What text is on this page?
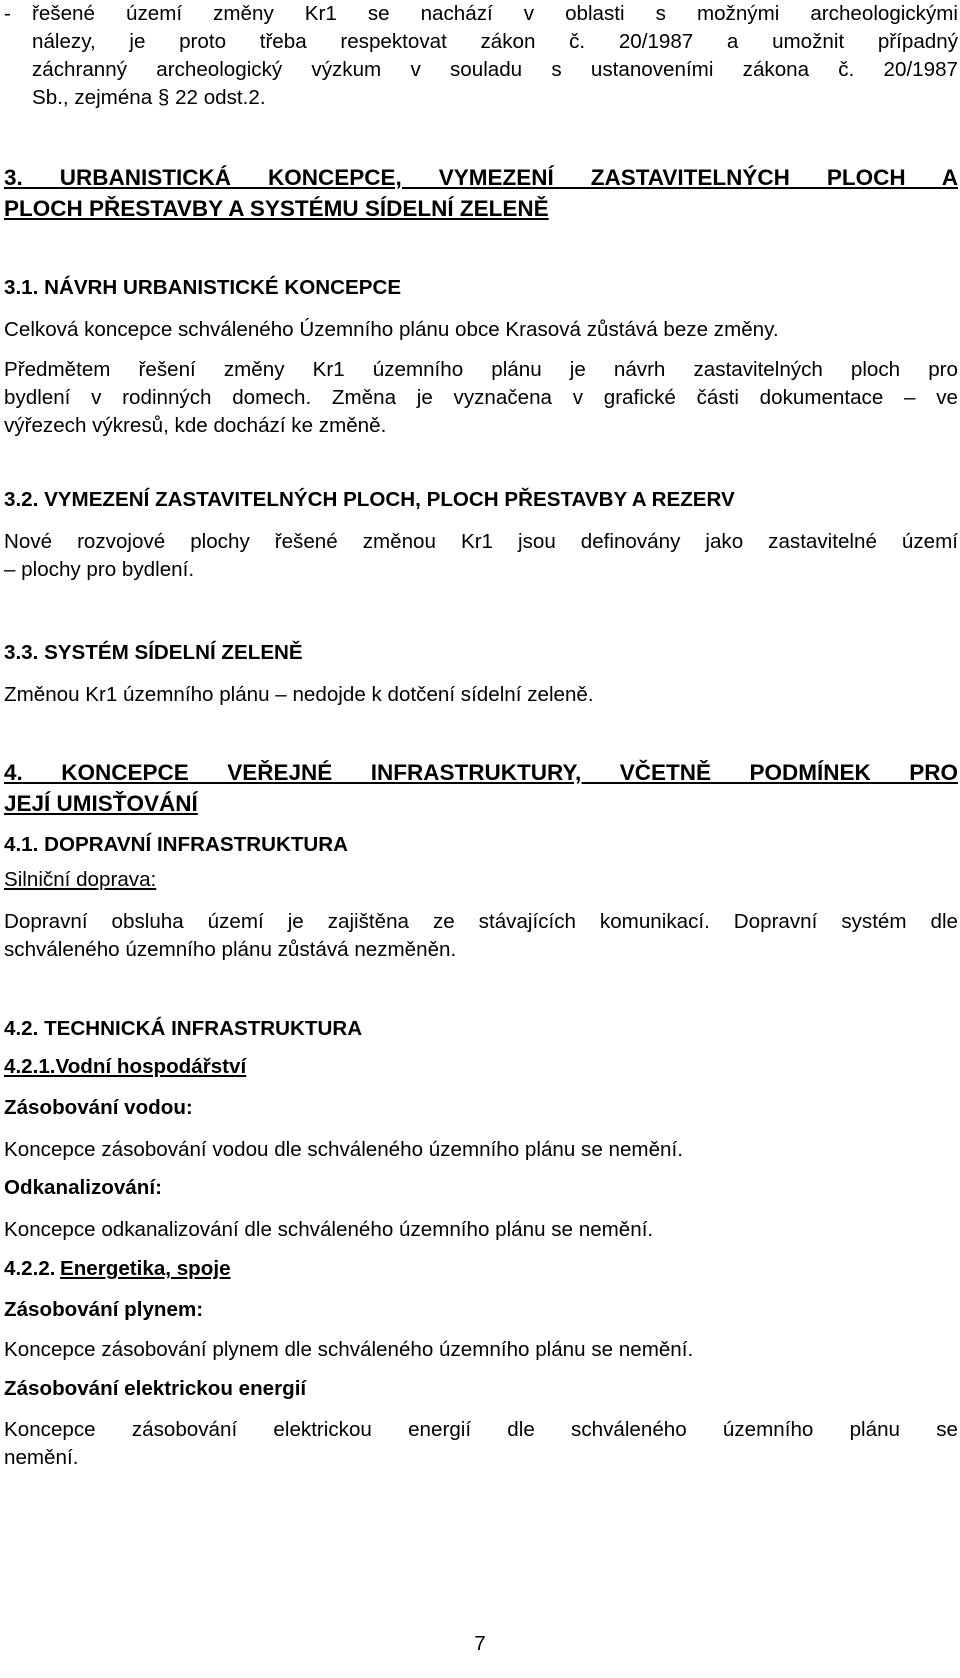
- řešené území změny Kr1 se nachází v oblasti s možnými archeologickými
nálezy, je proto třeba respektovat zákon č. 20/1987 a umožnit případný
záchranný archeologický výzkum v souladu s ustanoveními zákona č. 20/1987
Sb., zejména § 22 odst.2.
3. URBANISTICKÁ KONCEPCE, VYMEZENÍ ZASTAVITELNÝCH PLOCH A
PLOCH PŘESTAVBY A SYSTÉMU SÍDELNÍ ZELENĚ
3.1. NÁVRH URBANISTICKÉ KONCEPCE
Celková koncepce schváleného Územního plánu obce Krasová zůstává beze změny.
Předmětem řešení změny Kr1 územního plánu je návrh zastavitelných ploch pro
bydlení v rodinných domech. Změna je vyznačena v grafické části dokumentace – ve
výřezech výkresů, kde dochází ke změně.
3.2. VYMEZENÍ ZASTAVITELNÝCH PLOCH, PLOCH PŘESTAVBY A REZERV
Nové rozvojové plochy řešené změnou Kr1 jsou definovány jako zastavitelné území
– plochy pro bydlení.
3.3. SYSTÉM SÍDELNÍ ZELENĚ
Změnou Kr1 územního plánu – nedojde k dotčení sídelní zeleně.
4. KONCEPCE VEŘEJNÉ INFRASTRUKTURY, VČETNĚ PODMÍNEK PRO
JEJÍ UMISŤOVÁNÍ
4.1. DOPRAVNÍ INFRASTRUKTURA
Silniční doprava:
Dopravní obsluha území je zajištěna ze stávajících komunikací. Dopravní systém dle
schváleného územního plánu zůstává nezměněn.
4.2. TECHNICKÁ INFRASTRUKTURA
4.2.1.Vodní hospodářství
Zásobování vodou:
Koncepce zásobování vodou dle schváleného územního plánu se nemění.
Odkanalizování:
Koncepce odkanalizování dle schváleného územního plánu se nemění.
4.2.2. Energetika, spoje
Zásobování plynem:
Koncepce zásobování plynem dle schváleného územního plánu se nemění.
Zásobování elektrickou energií
Koncepce zásobování elektrickou energií dle schváleného územního plánu se
nemění.
7
